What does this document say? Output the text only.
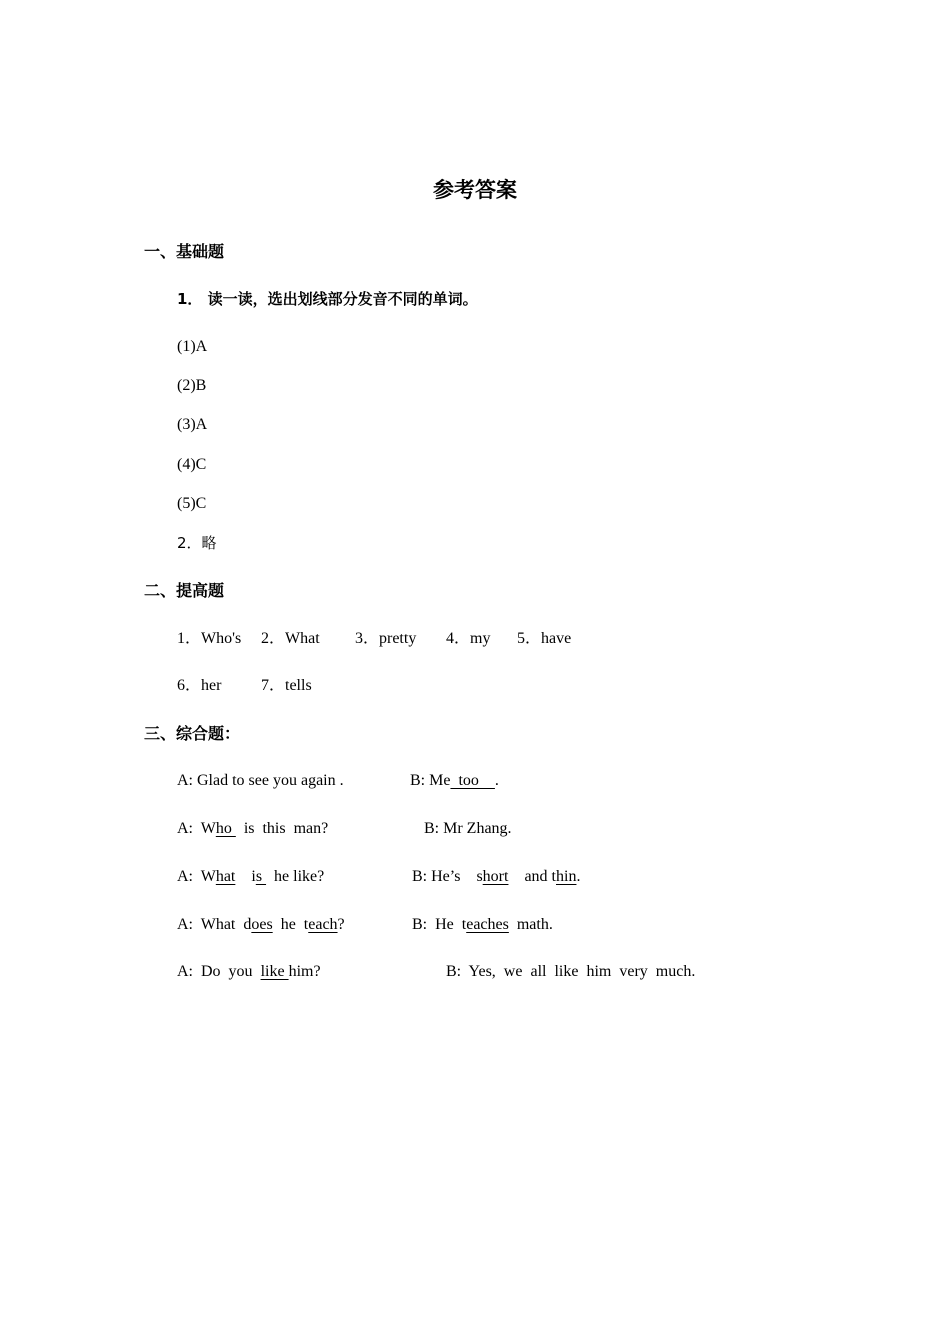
参考答案
一、基础题
1． 读一读，选出划线部分发音不同的单词。
(1)A
(2)B
(3)A
(4)C
(5)C
2．略
二、提高题
1．Who's 2．What 3．pretty 4．my 5．have
6．her 7．tells
三、综合题：
A: Glad to see you again .	B: Me  too    .
A:  Who   is  this  man?	B: Mr Zhang.
A:  What    is   he like?	B: He’s    short    and thin.
A:  What  does  he  teach?	B:  He  teaches  math.
A:  Do  you  like him?	B:  Yes,  we  all  like  him  very  much.
